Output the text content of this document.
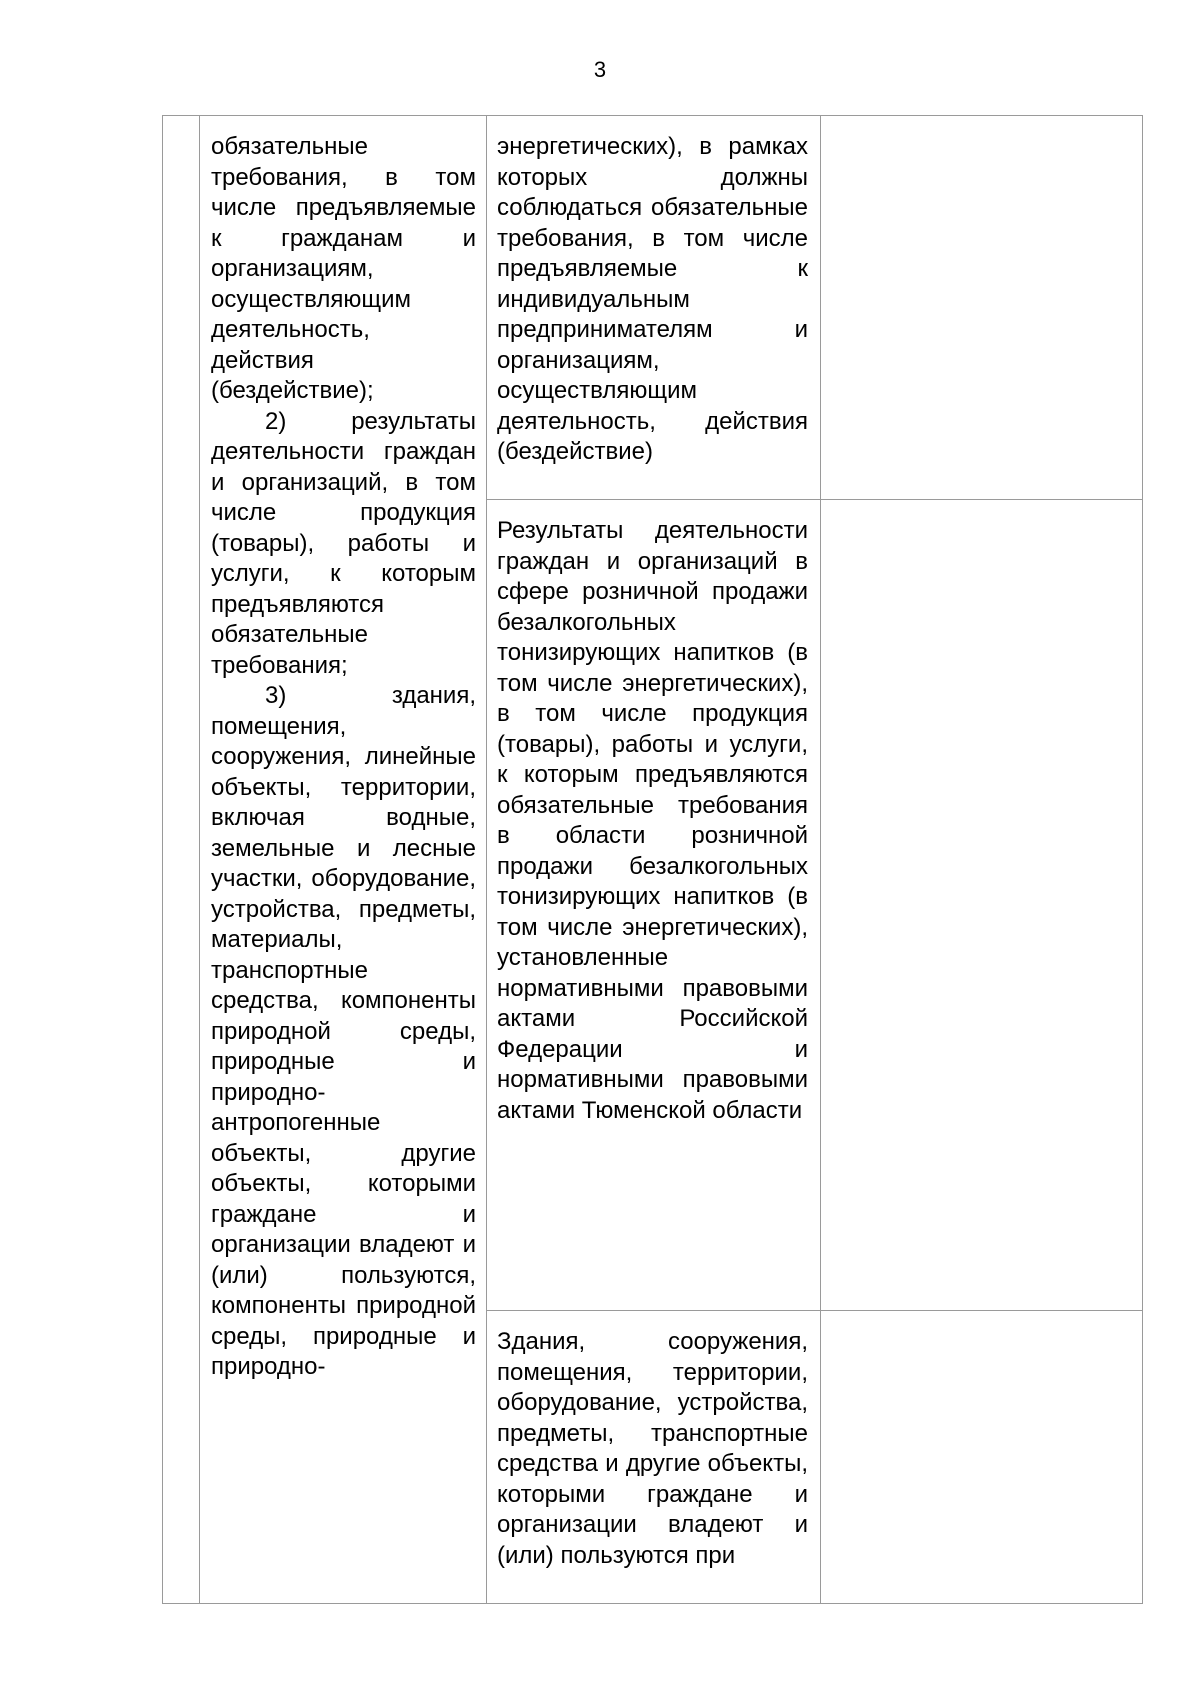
3

обязательные требования, в том числе предъявляемые к гражданам и организациям, осуществляющим деятельность, действия (бездействие);

2) результаты деятельности граждан и организаций, в том числе продукция (товары), работы и услуги, к которым предъявляются обязательные требования;

3) здания, помещения, сооружения, линейные объекты, территории, включая водные, земельные и лесные участки, оборудование, устройства, предметы, материалы, транспортные средства, компоненты природной среды, природные и природно-антропогенные объекты, другие объекты, которыми граждане и организации владеют и (или) пользуются, компоненты природной среды, природные и природно-

энергетических), в рамках которых должны соблюдаться обязательные требования, в том числе предъявляемые к индивидуальным предпринимателям и организациям, осуществляющим деятельность, действия (бездействие)

Результаты деятельности граждан и организаций в сфере розничной продажи безалкогольных тонизирующих напитков (в том числе энергетических), в том числе продукция (товары), работы и услуги, к которым предъявляются обязательные требования в области розничной продажи безалкогольных тонизирующих напитков (в том числе энергетических), установленные нормативными правовыми актами Российской Федерации и нормативными правовыми актами Тюменской области

Здания, сооружения, помещения, территории, оборудование, устройства, предметы, транспортные средства и другие объекты, которыми граждане и организации владеют и (или) пользуются при
